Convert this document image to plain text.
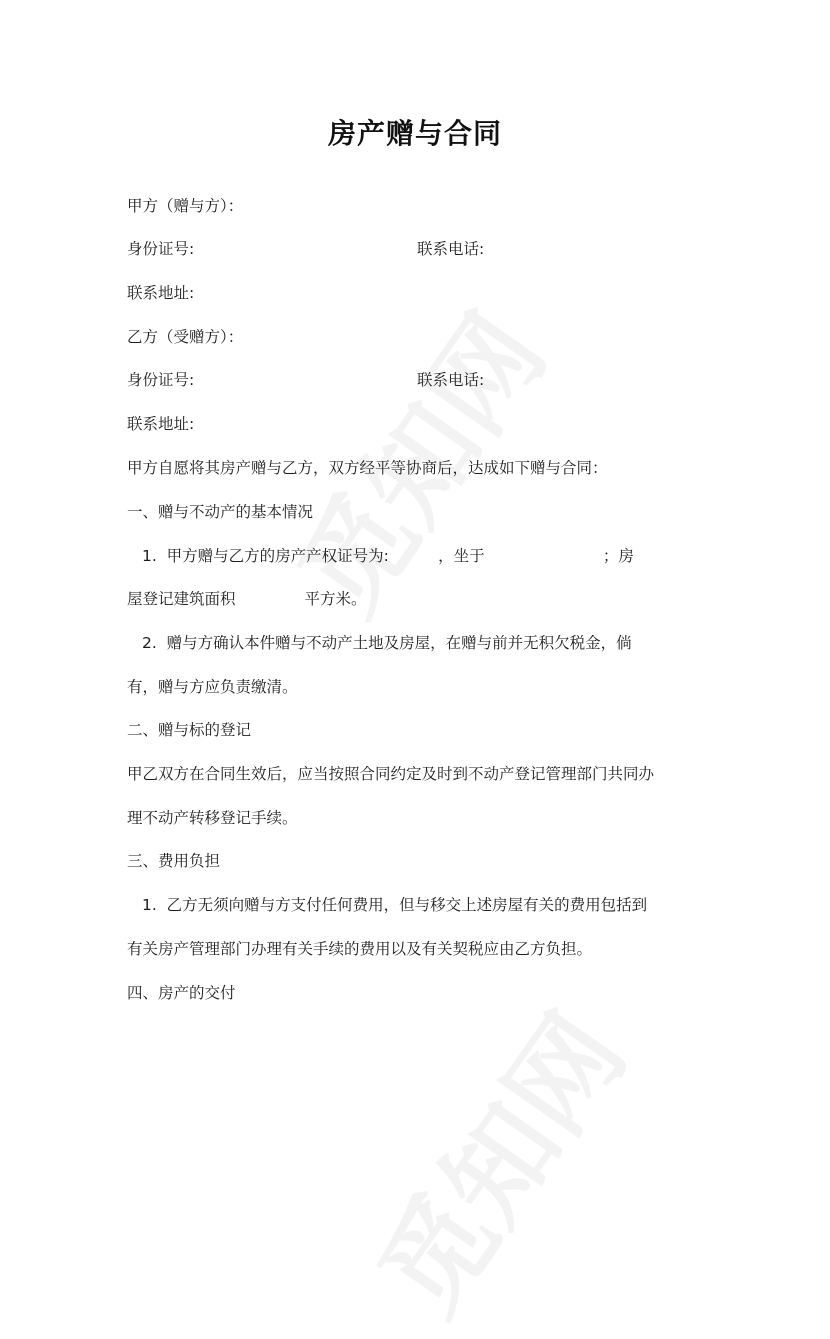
房产赠与合同
甲方（赠与方）：
身份证号:	联系电话:
联系地址:
乙方（受赠方）：
身份证号:	联系电话:
联系地址:
甲方自愿将其房产赠与乙方，双方经平等协商后，达成如下赠与合同：
一、赠与不动产的基本情况
1.  甲方赠与乙方的房产产权证号为:          ，坐于                        ；房
屋登记建筑面积              平方米。
2.  赠与方确认本件赠与不动产土地及房屋，在赠与前并无积欠税金，倘
有，赠与方应负责缴清。
二、赠与标的登记
甲乙双方在合同生效后，应当按照合同约定及时到不动产登记管理部门共同办
理不动产转移登记手续。
三、费用负担
1.  乙方无须向赠与方支付任何费用，但与移交上述房屋有关的费用包括到
有关房产管理部门办理有关手续的费用以及有关契税应由乙方负担。
四、房产的交付
